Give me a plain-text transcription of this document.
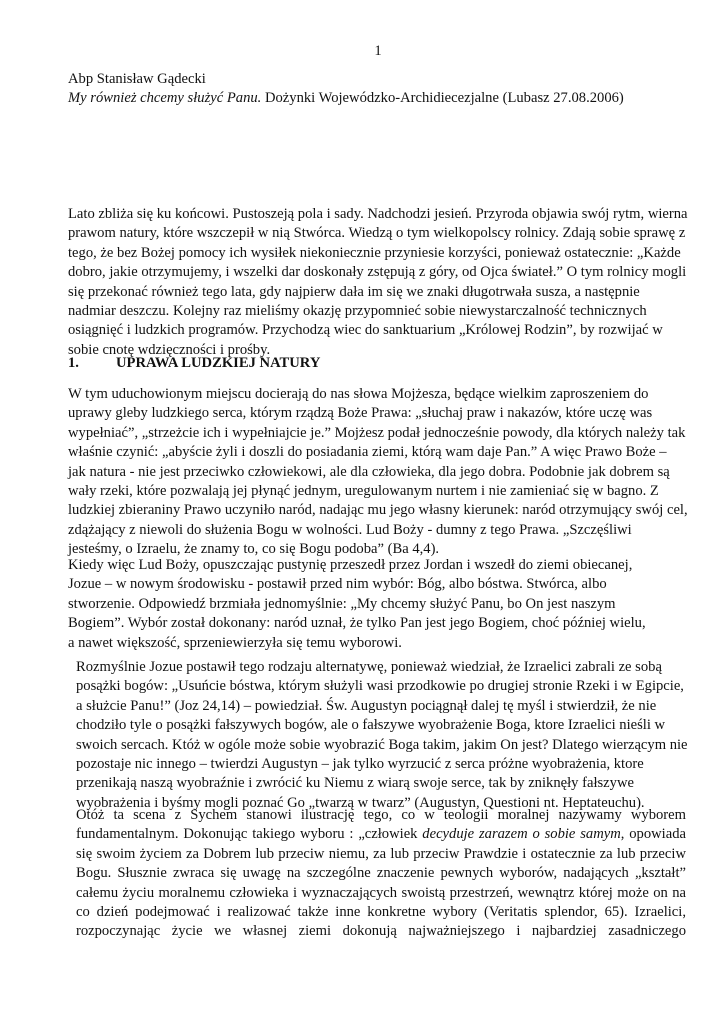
1
Abp Stanisław Gądecki
My również chcemy służyć Panu. Dożynki Wojewódzko-Archidiecezjalne (Lubasz 27.08.2006)
Lato zbliża się ku końcowi. Pustoszeją pola i sady. Nadchodzi jesień. Przyroda objawia swój rytm, wierna
prawom natury, które wszczepił w nią Stwórca. Wiedzą o tym wielkopolscy rolnicy. Zdają sobie sprawę z
tego, że bez Bożej pomocy ich wysiłek niekoniecznie przyniesie korzyści, ponieważ ostatecznie: „Każde
dobro, jakie otrzymujemy, i wszelki dar doskonały zstępują z góry, od Ojca świateł.” O tym rolnicy mogli
się przekonać również tego lata, gdy najpierw dała im się we znaki długotrwała susza, a następnie
nadmiar deszczu. Kolejny raz mieliśmy okazję przypomnieć sobie niewystarczalność technicznych
osiągnięć i ludzkich programów. Przychodzą wiec do sanktuarium „Królowej Rodzin”, by rozwijać w
sobie cnotę wdzięczności i prośby.
1.	UPRAWA LUDZKIEJ NATURY
W tym uduchowionym miejscu docierają do nas słowa Mojżesza, będące wielkim zaproszeniem do
uprawy gleby ludzkiego serca, którym rządzą Boże Prawa: „słuchaj praw i nakazów, które uczę was
wypełniać”, „strzeżcie ich i wypełniajcie je.” Mojżesz podał jednocześnie powody, dla których należy tak
właśnie czynić: „abyście żyli i doszli do posiadania ziemi, którą wam daje Pan.” A więc Prawo Boże –
jak natura - nie jest przeciwko człowiekowi, ale dla człowieka, dla jego dobra. Podobnie jak dobrem są
wały rzeki, które pozwalają jej płynąć jednym, uregulowanym nurtem i nie zamieniać się w bagno. Z
ludzkiej zbieraniny Prawo uczyniło naród, nadając mu jego własny kierunek: naród otrzymujący swój cel,
zdążający z niewoli do służenia Bogu w wolności. Lud Boży - dumny z tego Prawa. „Szczęśliwi
jesteśmy, o Izraelu, że znamy to, co się Bogu podoba” (Ba 4,4).
Kiedy więc Lud Boży, opuszczając pustynię przeszedł przez Jordan i wszedł do ziemi obiecanej,
Jozue – w nowym środowisku - postawił przed nim wybór: Bóg, albo bóstwa. Stwórca, albo
stworzenie. Odpowiedź brzmiała jednomyślnie: „My chcemy służyć Panu, bo On jest naszym
Bogiem”. Wybór został dokonany: naród uznał, że tylko Pan jest jego Bogiem, choć później wielu,
a nawet większość, sprzeniewierzyła się temu wyborowi.
Rozmyślnie Jozue postawił tego rodzaju alternatywę, ponieważ wiedział, że Izraelici zabrali ze sobą
posążki bogów: „Usuńcie bóstwa, którym służyli wasi przodkowie po drugiej stronie Rzeki i w Egipcie,
a służcie Panu!” (Joz 24,14) – powiedział. Św. Augustyn pociągnął dalej tę myśl i stwierdził, że nie
chodziło tyle o posążki fałszywych bogów, ale o fałszywe wyobrażenie Boga, ktore Izraelici nieśli w
swoich sercach. Któż w ogóle może sobie wyobrazić Boga takim, jakim On jest? Dlatego wierzącym nie
pozostaje nic innego – twierdzi Augustyn – jak tylko wyrzucić z serca próżne wyobrażenia, ktore
przenikają naszą wyobraźnie i zwrócić ku Niemu z wiarą swoje serce, tak by zniknęły fałszywe
wyobrażenia i byśmy mogli poznać Go „twarzą w twarz” (Augustyn, Questioni nt. Heptateuchu).
Otóż ta scena z Sychem stanowi ilustrację tego, co w teologii moralnej nazywamy wyborem
fundamentalnym. Dokonując takiego wyboru : „człowiek decyduje zarazem o sobie samym, opowiada
się swoim życiem za Dobrem lub przeciw niemu, za lub przeciw Prawdzie i ostatecznie za lub przeciw
Bogu. Słusznie zwraca się uwagę na szczególne znaczenie pewnych wyborów, nadających „kształt”
całemu życiu moralnemu człowieka i wyznaczających swoistą przestrzeń, wewnątrz której może on na
co dzień podejmować i realizować także inne konkretne wybory (Veritatis splendor, 65). Izraelici,
rozpoczynając życie we własnej ziemi dokonują najważniejszego i najbardziej zasadniczego
